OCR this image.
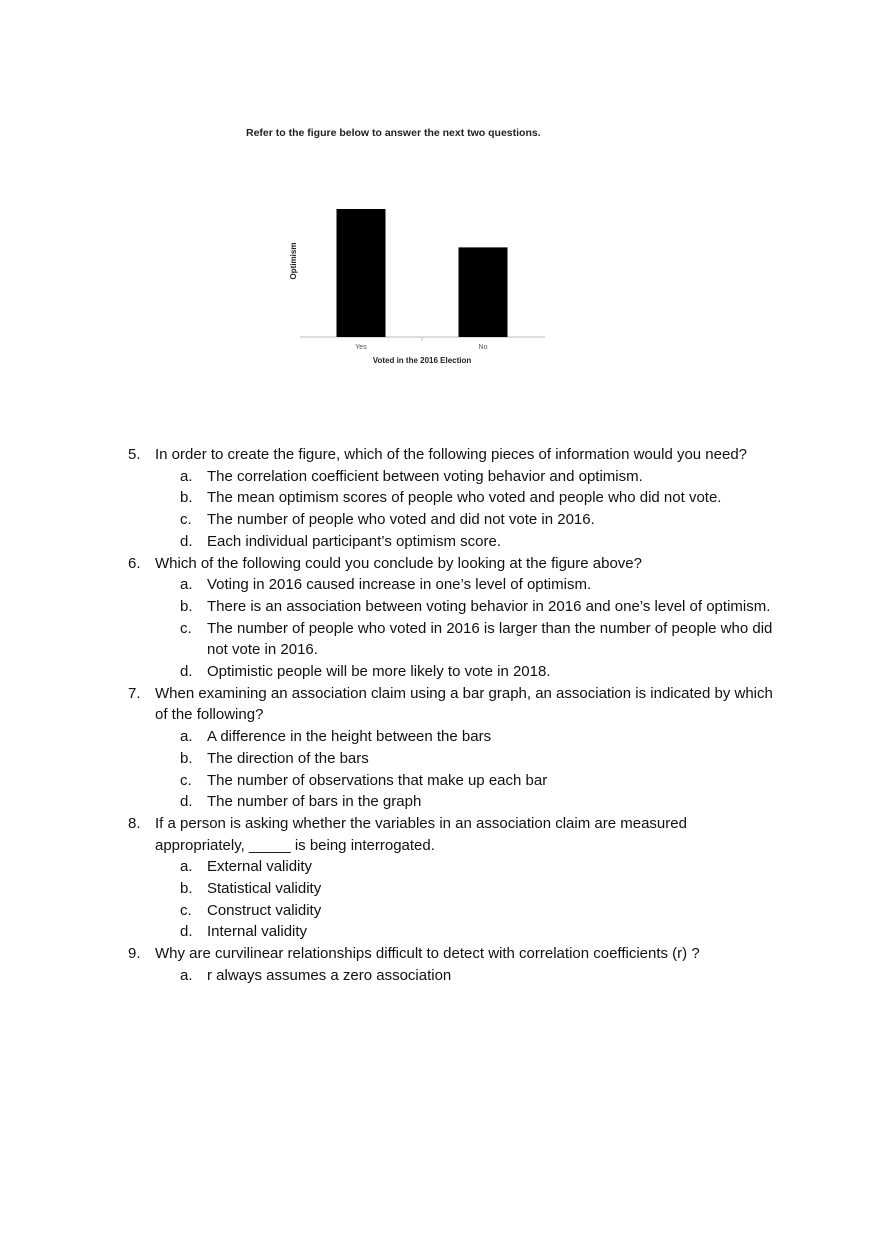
Refer to the figure below to answer the next two questions.
Optimism
Yes	No
Voted in the 2016 Election
5. In order to create the figure, which of the following pieces of information would you need?
a. The correlation coefficient between voting behavior and optimism.
b. The mean optimism scores of people who voted and people who did not vote.
c.	The number of people who voted and did not vote in 2016.
d. Each individual participant’s optimism score.
6. Which of the following could you conclude by looking at the figure above?
a. Voting in 2016 caused increase in one’s level of optimism.
b. There is an association between voting behavior in 2016 and one’s level of optimism.
c.	The number of people who voted in 2016 is larger than the number of people who did not vote in 2016.
d. Optimistic people will be more likely to vote in 2018.
7. When examining an association claim using a bar graph, an association is indicated by which of the following?
a. A difference in the height between the bars
b. The direction of the bars
c.	The number of observations that make up each bar
d. The number of bars in the graph
8. If a person is asking whether the variables in an association claim are measured appropriately, _____ is being interrogated.
a. External validity
b. Statistical validity
c.	Construct validity
d. Internal validity
9. Why are curvilinear relationships difficult to detect with correlation coefficients (r) ?
a. r always assumes a zero association
